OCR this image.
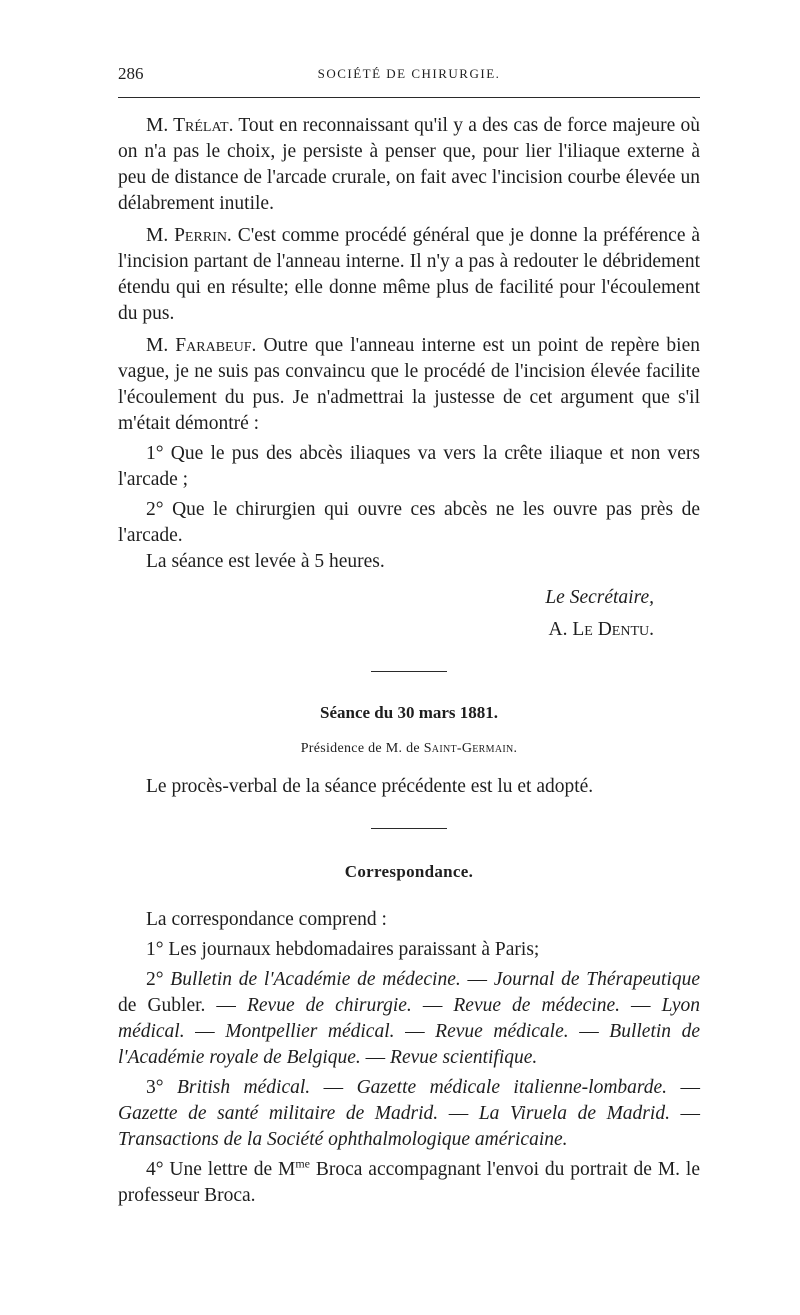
286	SOCIÉTÉ DE CHIRURGIE.

M. Trélat. Tout en reconnaissant qu'il y a des cas de force majeure où on n'a pas le choix, je persiste à penser que, pour lier l'iliaque externe à peu de distance de l'arcade crurale, on fait avec l'incision courbe élevée un délabrement inutile.

M. Perrin. C'est comme procédé général que je donne la préférence à l'incision partant de l'anneau interne. Il n'y a pas à redouter le débridement étendu qui en résulte; elle donne même plus de facilité pour l'écoulement du pus.

M. Farabeuf. Outre que l'anneau interne est un point de repère bien vague, je ne suis pas convaincu que le procédé de l'incision élevée facilite l'écoulement du pus. Je n'admettrai la justesse de cet argument que s'il m'était démontré :

1° Que le pus des abcès iliaques va vers la crête iliaque et non vers l'arcade ;

2° Que le chirurgien qui ouvre ces abcès ne les ouvre pas près de l'arcade.

La séance est levée à 5 heures.

Le Secrétaire,
A. Le Dentu.
Séance du 30 mars 1881.
Présidence de M. de Saint-Germain.

Le procès-verbal de la séance précédente est lu et adopté.

Correspondance.

La correspondance comprend :

1° Les journaux hebdomadaires paraissant à Paris;

2° Bulletin de l'Académie de médecine. — Journal de Thérapeutique de Gubler. — Revue de chirurgie. — Revue de médecine. — Lyon médical. — Montpellier médical. — Revue médicale. — Bulletin de l'Académie royale de Belgique. — Revue scientifique.

3° British médical. — Gazette médicale italienne-lombarde. — Gazette de santé militaire de Madrid. — La Viruela de Madrid. — Transactions de la Société ophthalmologique américaine.

4° Une lettre de $M^{me}$ Broca accompagnant l'envoi du portrait de M. le professeur Broca.
